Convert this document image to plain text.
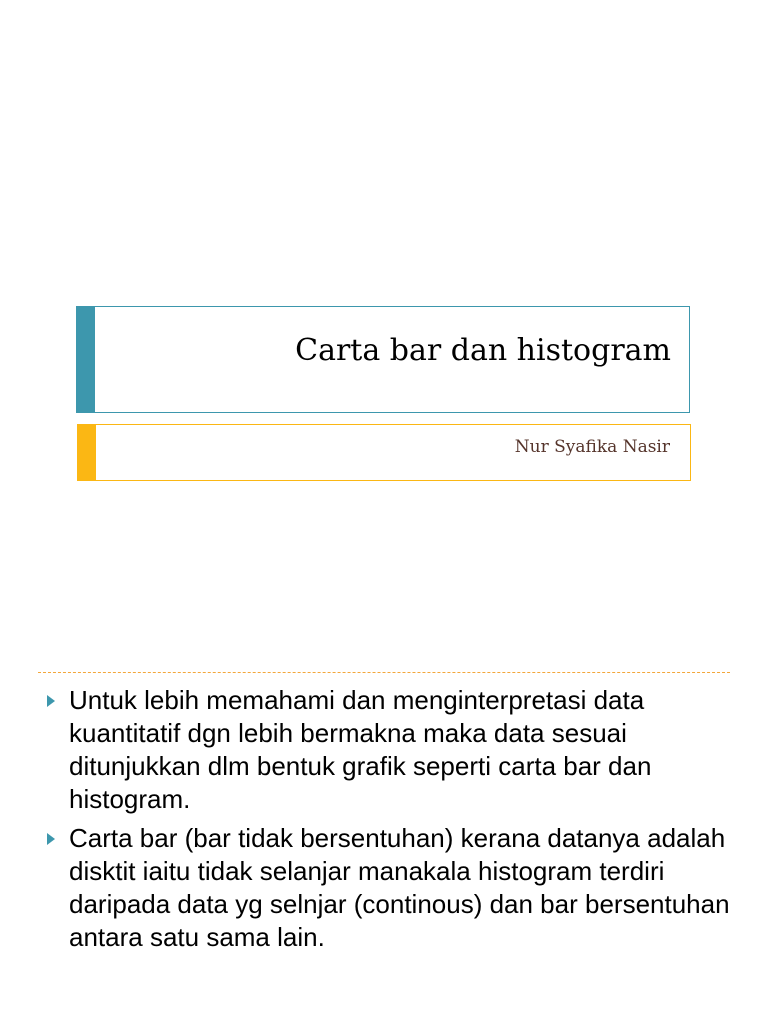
Carta bar dan histogram
Nur Syafika Nasir
Untuk lebih memahami dan menginterpretasi data kuantitatif dgn lebih bermakna maka data sesuai ditunjukkan dlm bentuk grafik seperti carta bar dan histogram.
Carta bar (bar tidak bersentuhan) kerana datanya adalah disktit iaitu tidak selanjar manakala histogram terdiri daripada data yg selnjar (continous) dan bar bersentuhan antara satu sama lain.
